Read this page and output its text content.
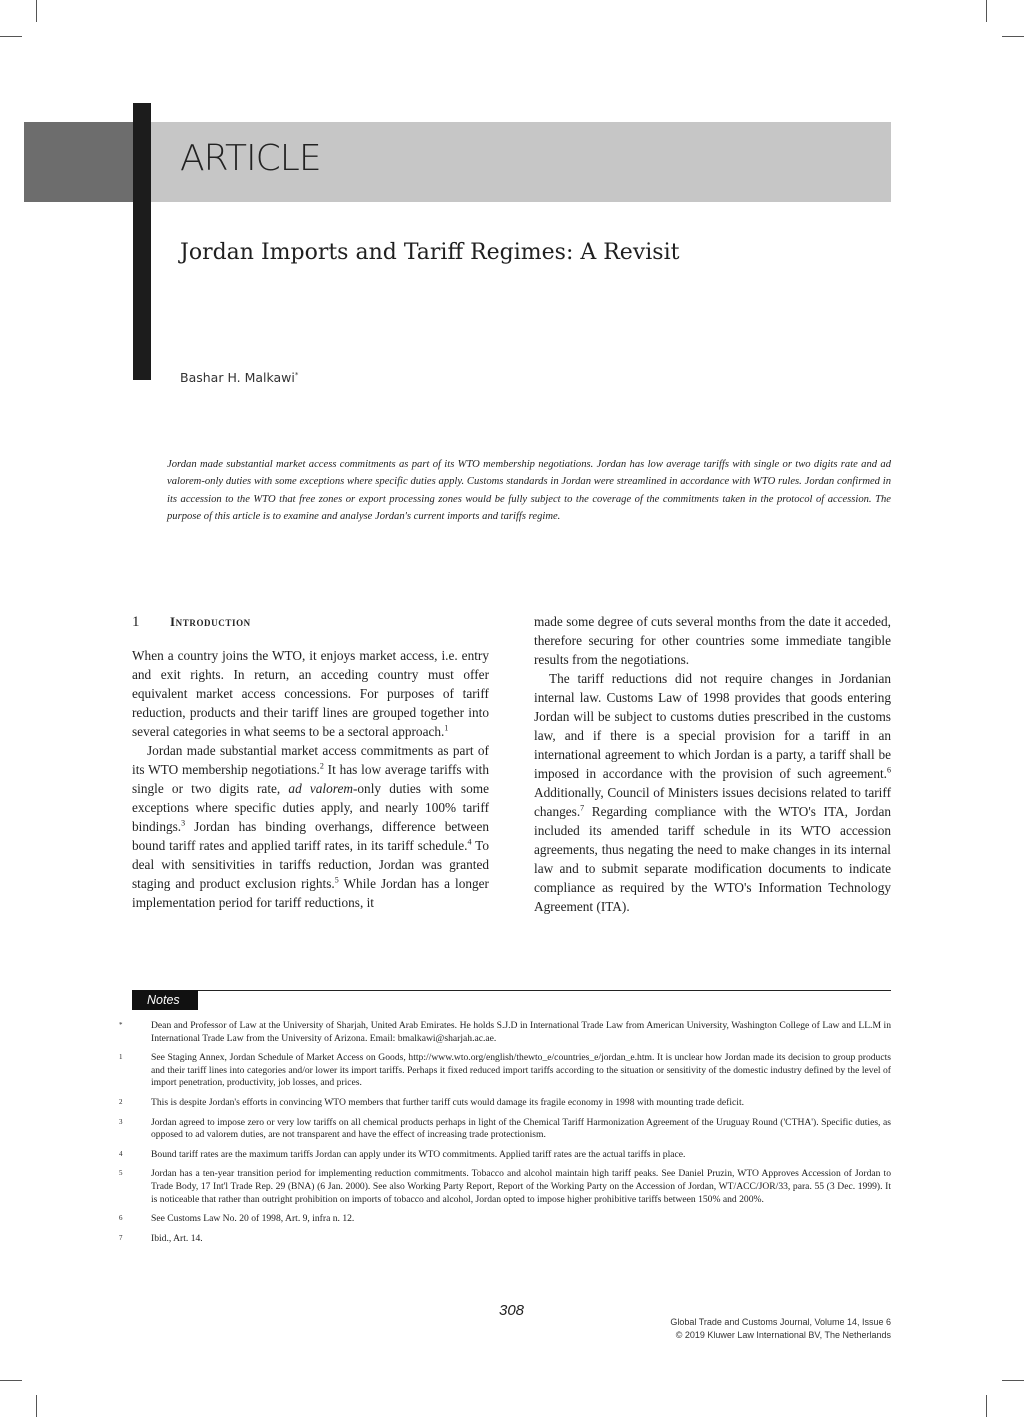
ARTICLE
Jordan Imports and Tariff Regimes: A Revisit
Bashar H. Malkawi*
Jordan made substantial market access commitments as part of its WTO membership negotiations. Jordan has low average tariffs with single or two digits rate and ad valorem-only duties with some exceptions where specific duties apply. Customs standards in Jordan were streamlined in accordance with WTO rules. Jordan confirmed in its accession to the WTO that free zones or export processing zones would be fully subject to the coverage of the commitments taken in the protocol of accession. The purpose of this article is to examine and analyse Jordan's current imports and tariffs regime.
1	Introduction

When a country joins the WTO, it enjoys market access, i.e. entry and exit rights. In return, an acceding country must offer equivalent market access concessions. For purposes of tariff reduction, products and their tariff lines are grouped together into several categories in what seems to be a sectoral approach.$^1$

Jordan made substantial market access commitments as part of its WTO membership negotiations.$^2$ It has low average tariffs with single or two digits rate, ad valorem-only duties with some exceptions where specific duties apply, and nearly 100% tariff bindings.$^3$ Jordan has binding overhangs, difference between bound tariff rates and applied tariff rates, in its tariff schedule.$^4$ To deal with sensitivities in tariffs reduction, Jordan was granted staging and product exclusion rights.$^5$ While Jordan has a longer implementation period for tariff reductions, it

made some degree of cuts several months from the date it acceded, therefore securing for other countries some immediate tangible results from the negotiations.

The tariff reductions did not require changes in Jordanian internal law. Customs Law of 1998 provides that goods entering Jordan will be subject to customs duties prescribed in the customs law, and if there is a special provision for a tariff in an international agreement to which Jordan is a party, a tariff shall be imposed in accordance with the provision of such agreement.$^6$ Additionally, Council of Ministers issues decisions related to tariff changes.$^7$ Regarding compliance with the WTO's ITA, Jordan included its amended tariff schedule in its WTO accession agreements, thus negating the need to make changes in its internal law and to submit separate modification documents to indicate compliance as required by the WTO's Information Technology Agreement (ITA).

Notes
*	Dean and Professor of Law at the University of Sharjah, United Arab Emirates. He holds S.J.D in International Trade Law from American University, Washington College of Law and LL.M in International Trade Law from the University of Arizona. Email: bmalkawi@sharjah.ac.ae.
1	See Staging Annex, Jordan Schedule of Market Access on Goods, http://www.wto.org/english/thewto_e/countries_e/jordan_e.htm. It is unclear how Jordan made its decision to group products and their tariff lines into categories and/or lower its import tariffs. Perhaps it fixed reduced import tariffs according to the situation or sensitivity of the domestic industry defined by the level of import penetration, productivity, job losses, and prices.
2	This is despite Jordan's efforts in convincing WTO members that further tariff cuts would damage its fragile economy in 1998 with mounting trade deficit.
3	Jordan agreed to impose zero or very low tariffs on all chemical products perhaps in light of the Chemical Tariff Harmonization Agreement of the Uruguay Round ('CTHA'). Specific duties, as opposed to ad valorem duties, are not transparent and have the effect of increasing trade protectionism.
4	Bound tariff rates are the maximum tariffs Jordan can apply under its WTO commitments. Applied tariff rates are the actual tariffs in place.
5	Jordan has a ten-year transition period for implementing reduction commitments. Tobacco and alcohol maintain high tariff peaks. See Daniel Pruzin, WTO Approves Accession of Jordan to Trade Body, 17 Int'l Trade Rep. 29 (BNA) (6 Jan. 2000). See also Working Party Report, Report of the Working Party on the Accession of Jordan, WT/ACC/JOR/33, para. 55 (3 Dec. 1999). It is noticeable that rather than outright prohibition on imports of tobacco and alcohol, Jordan opted to impose higher prohibitive tariffs between 150% and 200%.
6	See Customs Law No. 20 of 1998, Art. 9, infra n. 12.
7	Ibid., Art. 14.
308
Global Trade and Customs Journal, Volume 14, Issue 6
© 2019 Kluwer Law International BV, The Netherlands
